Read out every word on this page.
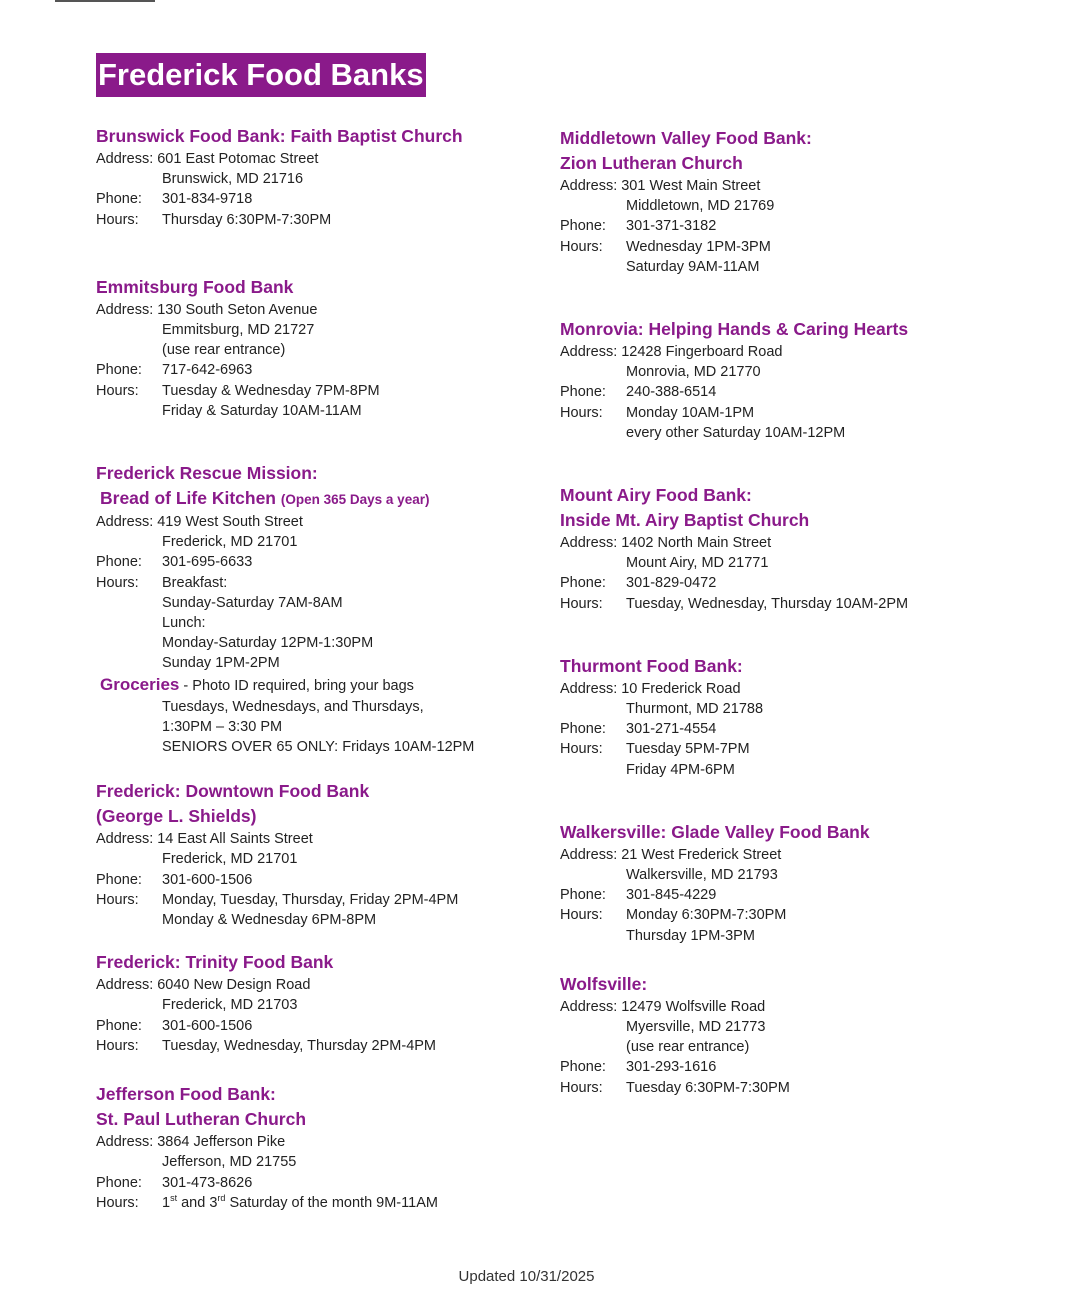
Frederick Food Banks
Brunswick Food Bank: Faith Baptist Church
Address: 601 East Potomac Street
Brunswick, MD 21716
Phone:	301-834-9718
Hours:	Thursday 6:30PM-7:30PM
Emmitsburg Food Bank
Address: 130 South Seton Avenue
Emmitsburg, MD 21727
(use rear entrance)
Phone:	717-642-6963
Hours:	Tuesday & Wednesday 7PM-8PM
Friday & Saturday 10AM-11AM
Frederick Rescue Mission:
Bread of Life Kitchen (Open 365 Days a year)
Address: 419 West South Street
Frederick, MD 21701
Phone:	301-695-6633
Hours:	Breakfast:
Sunday-Saturday 7AM-8AM
Lunch:
Monday-Saturday 12PM-1:30PM
Sunday 1PM-2PM
Groceries - Photo ID required, bring your bags
Tuesdays, Wednesdays, and Thursdays,
1:30PM – 3:30 PM
SENIORS OVER 65 ONLY: Fridays 10AM-12PM
Frederick: Downtown Food Bank
(George L. Shields)
Address: 14 East All Saints Street
Frederick, MD 21701
Phone:	301-600-1506
Hours:	Monday, Tuesday, Thursday, Friday 2PM-4PM
Monday & Wednesday 6PM-8PM
Frederick: Trinity Food Bank
Address: 6040 New Design Road
Frederick, MD 21703
Phone:	301-600-1506
Hours:	Tuesday, Wednesday, Thursday 2PM-4PM
Jefferson Food Bank:
St. Paul Lutheran Church
Address: 3864 Jefferson Pike
Jefferson, MD 21755
Phone:	301-473-8626
Hours:	1st and 3rd Saturday of the month 9M-11AM
Middletown Valley Food Bank:
Zion Lutheran Church
Address: 301 West Main Street
Middletown, MD 21769
Phone:	301-371-3182
Hours:	Wednesday 1PM-3PM
Saturday 9AM-11AM
Monrovia: Helping Hands & Caring Hearts
Address: 12428 Fingerboard Road
Monrovia, MD 21770
Phone:	240-388-6514
Hours:	Monday 10AM-1PM
every other Saturday 10AM-12PM
Mount Airy Food Bank:
Inside Mt. Airy Baptist Church
Address: 1402 North Main Street
Mount Airy, MD 21771
Phone:	301-829-0472
Hours:	Tuesday, Wednesday, Thursday 10AM-2PM
Thurmont Food Bank:
Address: 10 Frederick Road
Thurmont, MD 21788
Phone:	301-271-4554
Hours:	Tuesday 5PM-7PM
Friday 4PM-6PM
Walkersville: Glade Valley Food Bank
Address: 21 West Frederick Street
Walkersville, MD 21793
Phone:	301-845-4229
Hours:	Monday 6:30PM-7:30PM
Thursday 1PM-3PM
Wolfsville:
Address: 12479 Wolfsville Road
Myersville, MD 21773
(use rear entrance)
Phone:	301-293-1616
Hours:	Tuesday 6:30PM-7:30PM
Updated 10/31/2025
